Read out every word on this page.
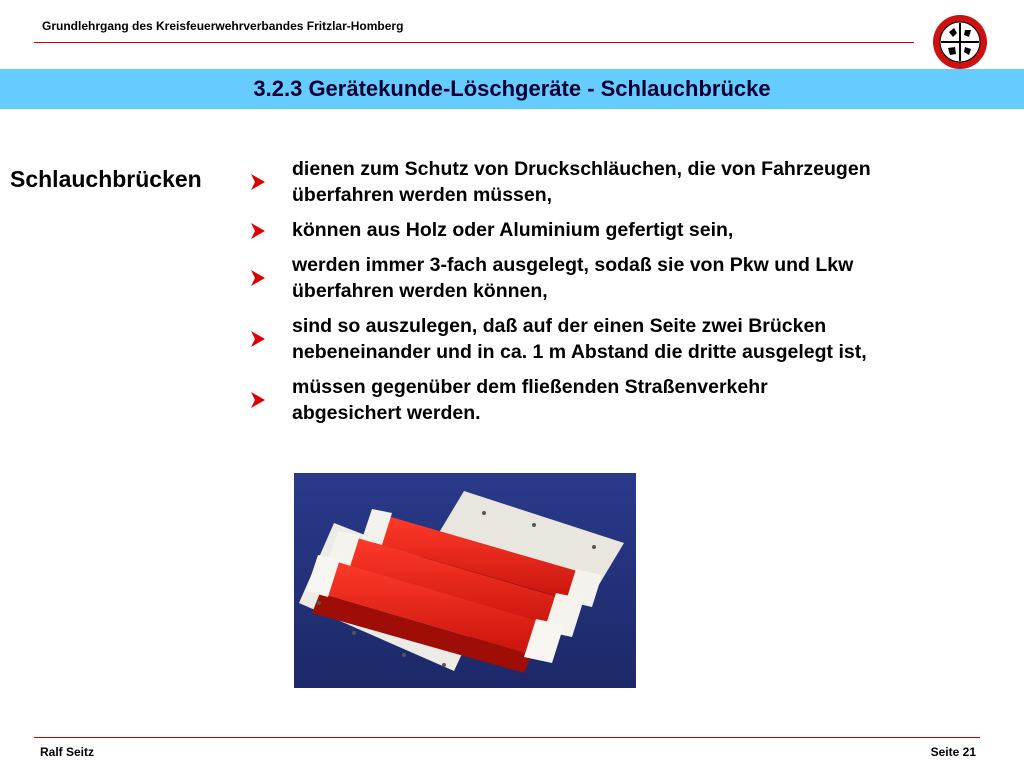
Grundlehrgang des Kreisfeuerwehrverbandes Fritzlar-Homberg
3.2.3 Gerätekunde-Löschgeräte - Schlauchbrücke
Schlauchbrücken	dienen zum Schutz von Druckschläuchen, die von Fahrzeugen
überfahren werden müssen,
können aus Holz oder Aluminium gefertigt sein,
werden immer 3-fach ausgelegt, sodaß sie von Pkw und Lkw
überfahren werden können,
sind so auszulegen, daß auf der einen Seite zwei Brücken
nebeneinander und in ca. 1 m Abstand die dritte ausgelegt ist,
müssen gegenüber dem fließenden Straßenverkehr
abgesichert werden.
Ralf Seitz	Seite 21
